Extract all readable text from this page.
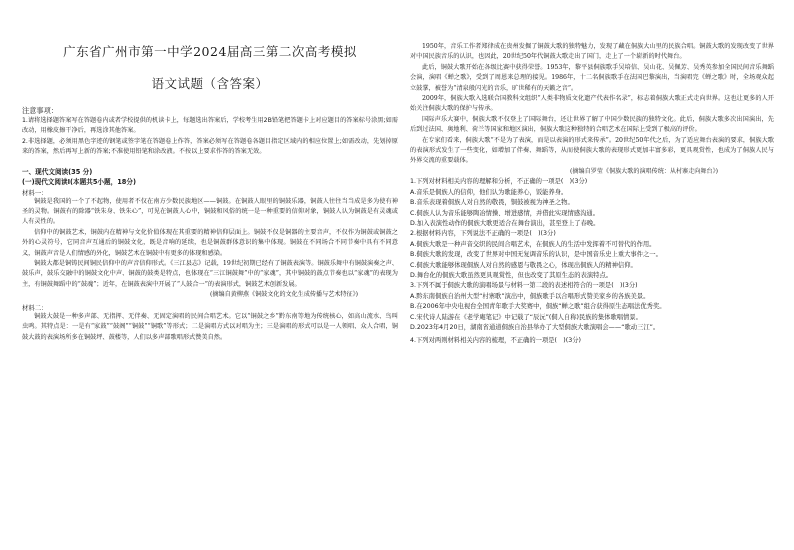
广东省广州市第一中学2024届高三第二次高考模拟
语文试题（含答案）
注意事项：

1.请将选择题答案写在答题卷内或者学校提供的机读卡上，每题选出答案后，学校考生用2B铅笔把答题卡上对应题目的答案标号涂黑;如需改动，用橡皮擦干净后，再选涂其他答案。

2.非选择题，必须用黑色字迹的钢笔或签字笔在答题卷上作答，答案必须写在答题卷各题目指定区域内的相应位置上;如需改动，先划掉原来的答案，然后再写上新的答案;不准使用铅笔和涂改液。不按以上要求作答的答案无效。

一、现代文阅读(35 分)
(一)现代文阅读Ⅰ(本题共5小题，18分)
材料一：

铜鼓是我国的一个了不起物，使用者不仅在南方少数民族地区——铜鼓。在铜鼓人眼里的铜鼓乐器，铜鼓人往往当当成是多为使有神圣的灵物。铜鼓有的除器“铁朱身、铁朱心”，可见在铜鼓人心中，铜鼓和风俗的统一是一种重要的信仰对象，铜鼓人认为铜鼓是有灵魂或人有灵性的。

信仰中的铜鼓艺术，铜鼓内在精神与文化价值体现在其重要的精神信仰层面上。铜鼓不仅是铜器的主要音声，不仅作为铜鼓或铜鼓之外的心灵符号，它同音声互通后的铜鼓文化，既是音响的延续，也是铜鼓群体意识的集中体现。铜鼓在不同场合不同节奏中具有不同意义，铜鼓声音是人们情感的外化，铜鼓艺术在铜鼓中有更多的体现和感染。

铜鼓大都是铜铸民间铜民信仰中的声音信仰形式。《三江县志》记载，19世纪初期已经有了铜鼓表演等。铜鼓乐舞中有铜鼓演奏之声、鼓乐声，鼓乐交融中的铜鼓文化中声、铜鼓的鼓类是特点，也体现在“三江铜鼓舞”中的“家魂”，其中铜鼓的鼓点节奏也以“家魂”的表现为主，有铜鼓舞蹈中的“鼓魂”；近年，在铜鼓表演中开展了“人鼓合一”的表演形式，铜鼓艺术创新发展。

(摘编自黄柳燕《铜鼓文化的文化生成传播与艺术特征》)
材料二：

铜鼓大鼓是一种多声部、无指挥、无伴奏、无固定演唱的民间合唱艺术。它以“铜鼓之乡”黔东南等地为传统核心，如高山流水、鸟叫虫鸣。其特点是：一是有“家鼓”“鼓阁”“铜鼓”“铜歌”等形式；二是演唱方式以对唱为主；三是演唱的形式可以是一人领唱、众人合唱，铜鼓大鼓的表演场所多在铜鼓坪、鼓楼等，人们以多声部歌唱形式赞美自然。

1950年，音乐工作者郑律成在贵州发掘了铜鼓大歌的独特魅力，发现了藏在侗族大山里的民族合唱。铜鼓大歌的发现改变了世界对中国民族音乐的认识，也因此，20世纪50年代铜鼓大歌走出了国门，走上了一个崭新的时代舞台。

此后，铜鼓大歌开始在各级比赛中获得荣誉。1953年，黎平县侗族歌手吴培信、吴山花、吴佩芳、吴秀英参加全国民间音乐舞蹈会演，演唱《蝉之歌》，受到了周恩来总理的接见。1986年，十二名侗族歌手在法国巴黎演出，当演唱完《蝉之歌》时，全场观众起立鼓掌，被誉为“清泉般闪光的音乐，旷世稀有的天籁之音”。

2009年，侗族大歌入选联合国教科文组织“人类非物质文化遗产代表作名录”，标志着侗族大歌正式走向世界。这也让更多的人开始关注侗族大歌的保护与传承。

国际声乐大赛中，侗族大歌不仅登上了国际舞台，还让世界了解了中国少数民族的独特文化。此后，侗族大歌多次出国演出，先后到过法国、奥地利、荷兰等国家和地区演出，侗族大歌这种独特的合唱艺术在国际上受到了极高的评价。

在专家们看来，侗族大歌“不是为了表演，而是以表演的形式来传承”。20世纪50年代之后，为了适应舞台表演的要求，侗族大歌的表演形式发生了一些变化，如增加了伴奏、舞蹈等，从而使侗族大歌的表现形式更加丰富多彩，更具观赏性，也成为了侗族人民与外界交流的重要载体。

(摘编自罗莹《侗族大歌的演唱传统：从村寨走向舞台》)

1.下列对材料相关内容的理解和分析，不正确的一项是(　)(3分)

A.音乐是侗族人的信仰，他们认为歌能养心，饭能养身。

B.音乐表现着侗族人对自然的敬畏，铜鼓被视为神圣之物。

C.侗族人认为音乐能够陶冶情操、增进感情，并借此实现情感沟通。

D.加入表演性动作的侗族大歌更适合在舞台演出，甚至登上了春晚。

2.根据材料内容，下列说法不正确的一项是(　)(3分)

A.侗族大歌是一种声音交织的民间合唱艺术，在侗族人的生活中发挥着不可替代的作用。

B.侗族大歌的发现，改变了世界对中国无复调音乐的认识，是中国音乐史上重大事件之一。

C.侗族大歌能够体现侗族人对自然的感恩与敬畏之心，体现出侗族人的精神信仰。

D.舞台化的侗族大歌虽然更具观赏性，但也改变了其原生态的表演特点。

3.下列不属于侗族大歌的演唱场景与材料一第二段的表述相符合的一项是(　)(3分)

A.黔东南侗族自治州大型“村寨歌”演出中，侗族歌手以合唱形式赞美家乡的各族美景。

B.在2006年中央电视台全国青年歌手大奖赛中，侗族“蝉之歌”组合获得原生态唱法优秀奖。

C.宋代诗人陆游在《老学庵笔记》中记载了“辰沅”(侗人自称)民族的集体歌唱情景。

D.2023年4月20日，湖南省通道侗族自治县举办了大型侗族大歌演唱会——“歌动三江”。

4.下列对两则材料相关内容的梳理，不正确的一项是(　)(3分)
